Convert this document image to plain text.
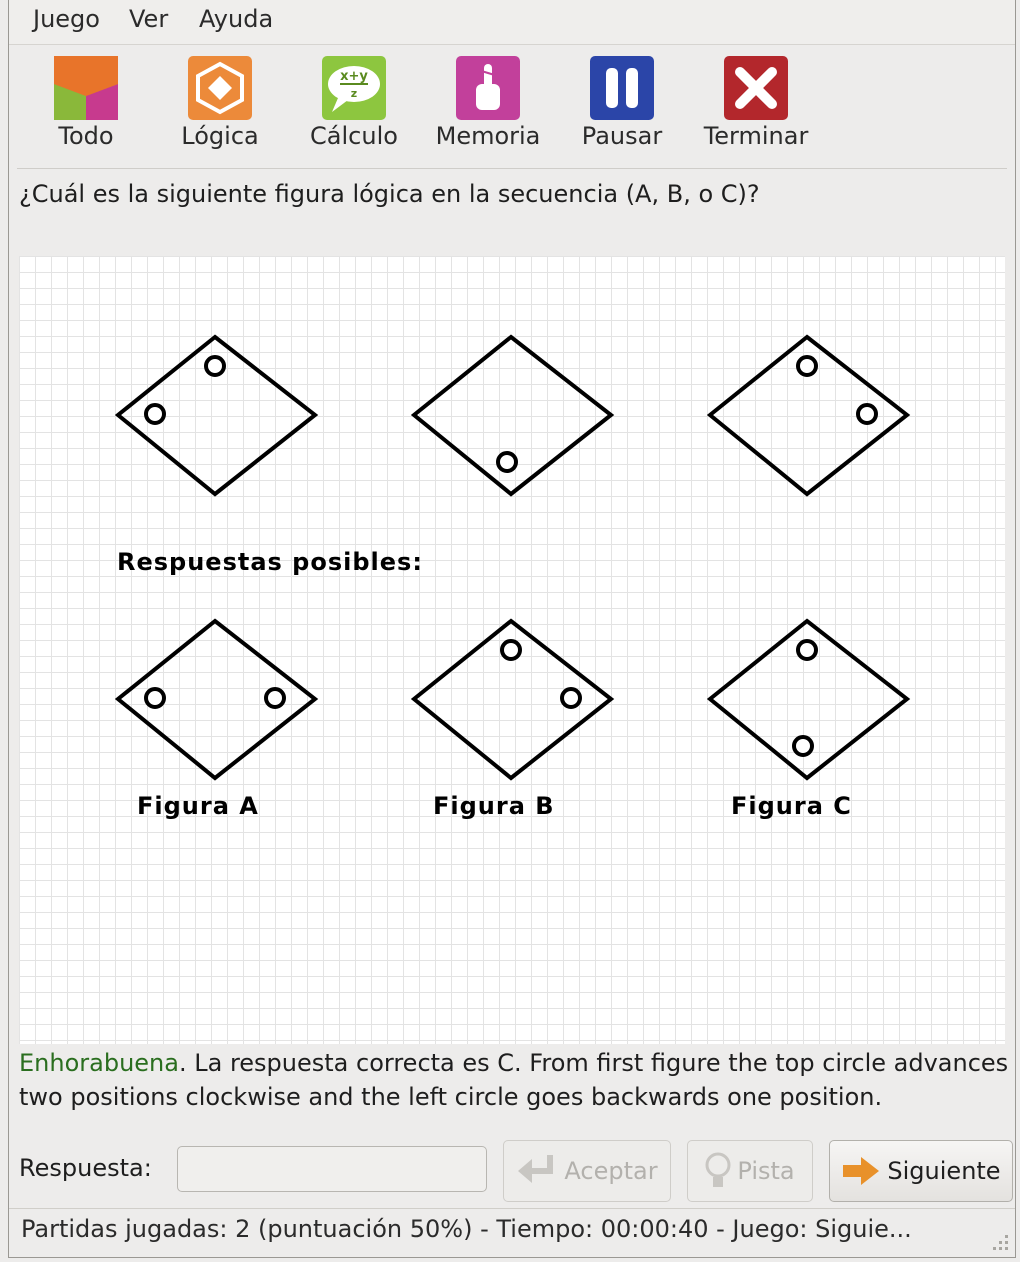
Juego Ver Ayuda
Todo	Lógica
x+y
z
Cálculo	Memoria	Pausar	Terminar
¿Cuál es la siguiente figura lógica en la secuencia (A, B, o C)?
Respuestas posibles:
Figura A	Figura B	Figura C
Enhorabuena. La respuesta correcta es C. From first figure the top circle advances two positions clockwise and the left circle goes backwards one position.
Respuesta:	Aceptar	Pista	Siguiente
Partidas jugadas: 2 (puntuación 50%) - Tiempo: 00:00:40 - Juego: Siguie...
